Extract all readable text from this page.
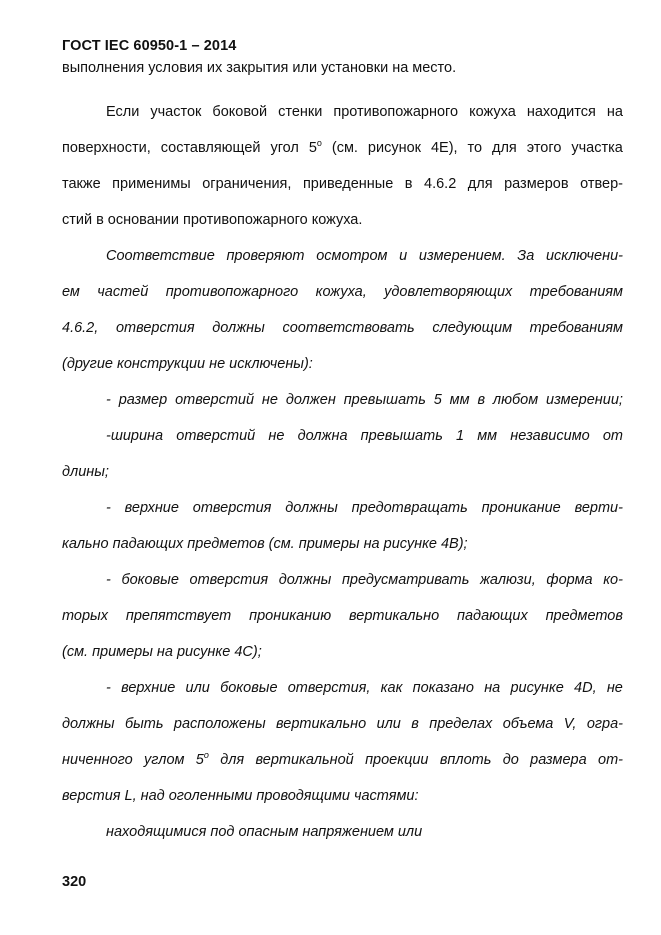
ГОСТ IEC 60950-1 – 2014
выполнения условия их закрытия или установки на место.
Если участок боковой стенки противопожарного кожуха находится на
поверхности, составляющей угол 5$^o$ (см. рисунок 4E), то для этого участка
также применимы ограничения, приведенные в 4.6.2 для размеров отвер-
стий в основании противопожарного кожуха.
Соответствие проверяют осмотром и измерением. За исключени-
ем частей противопожарного кожуха, удовлетворяющих требованиям
4.6.2, отверстия должны соответствовать следующим требованиям
(другие конструкции не исключены):
- размер отверстий не должен превышать 5 мм в любом измерении;
-ширина отверстий не должна превышать 1 мм независимо от
длины;
- верхние отверстия должны предотвращать проникание верти-
кально падающих предметов (см. примеры на рисунке 4B);
- боковые отверстия должны предусматривать жалюзи, форма ко-
торых препятствует прониканию вертикально падающих предметов
(см. примеры на рисунке 4C);
- верхние или боковые отверстия, как показано на рисунке 4D, не
должны быть расположены вертикально или в пределах объема V, огра-
ниченного углом 5$^o$ для вертикальной проекции вплоть до размера от-
верстия L, над оголенными проводящими частями:
находящимися под опасным напряжением или
320
